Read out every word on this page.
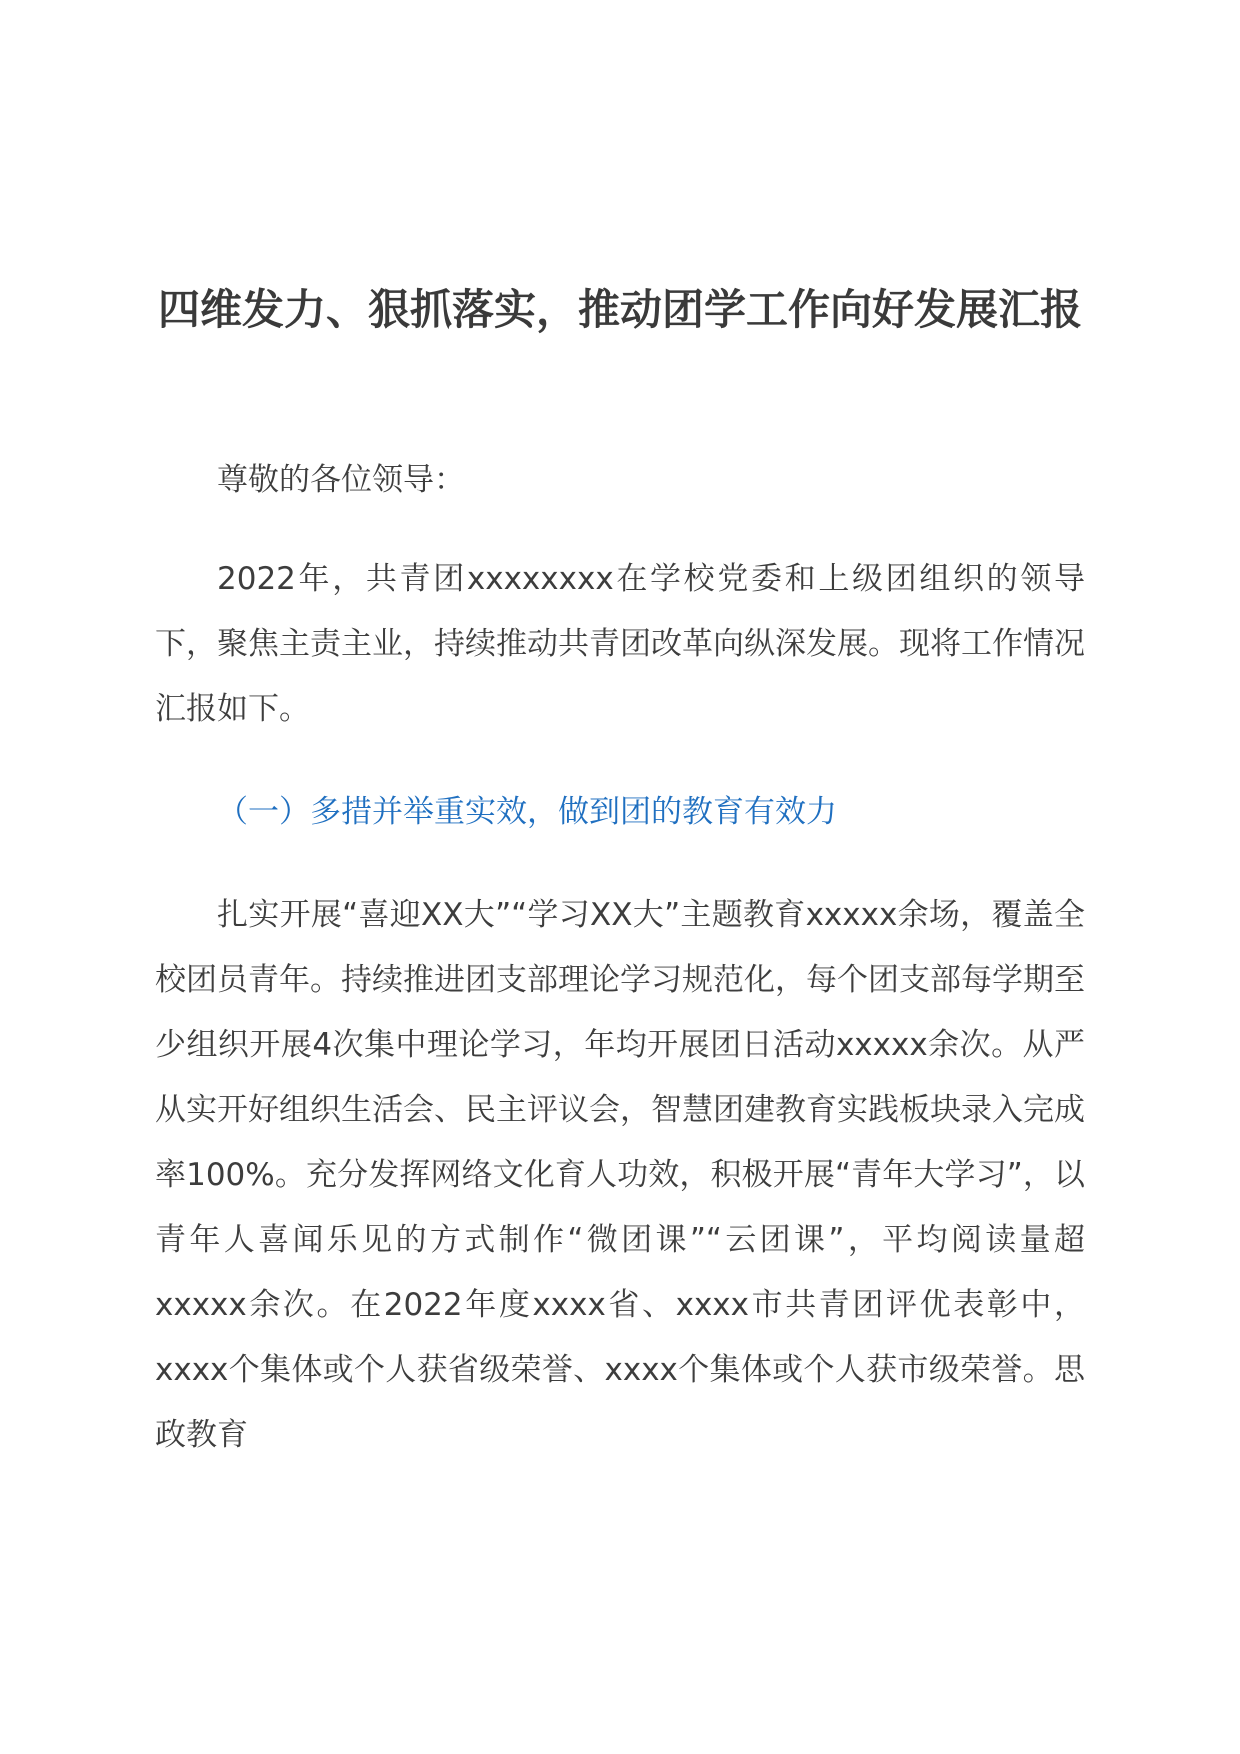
四维发力、狠抓落实，推动团学工作向好发展汇报

尊敬的各位领导：

2022年，共青团xxxxxxxx在学校党委和上级团组织的领导下，聚焦主责主业，持续推动共青团改革向纵深发展。现将工作情况汇报如下。

（一）多措并举重实效，做到团的教育有效力

扎实开展“喜迎XX大”“学习XX大”主题教育xxxxx余场，覆盖全校团员青年。持续推进团支部理论学习规范化，每个团支部每学期至少组织开展4次集中理论学习，年均开展团日活动xxxxx余次。从严从实开好组织生活会、民主评议会，智慧团建教育实践板块录入完成率100%。充分发挥网络文化育人功效，积极开展“青年大学习”，以青年人喜闻乐见的方式制作“微团课”“云团课”，平均阅读量超xxxxx余次。在2022年度xxxx省、xxxx市共青团评优表彰中，xxxx个集体或个人获省级荣誉、xxxx个集体或个人获市级荣誉。思政教育
